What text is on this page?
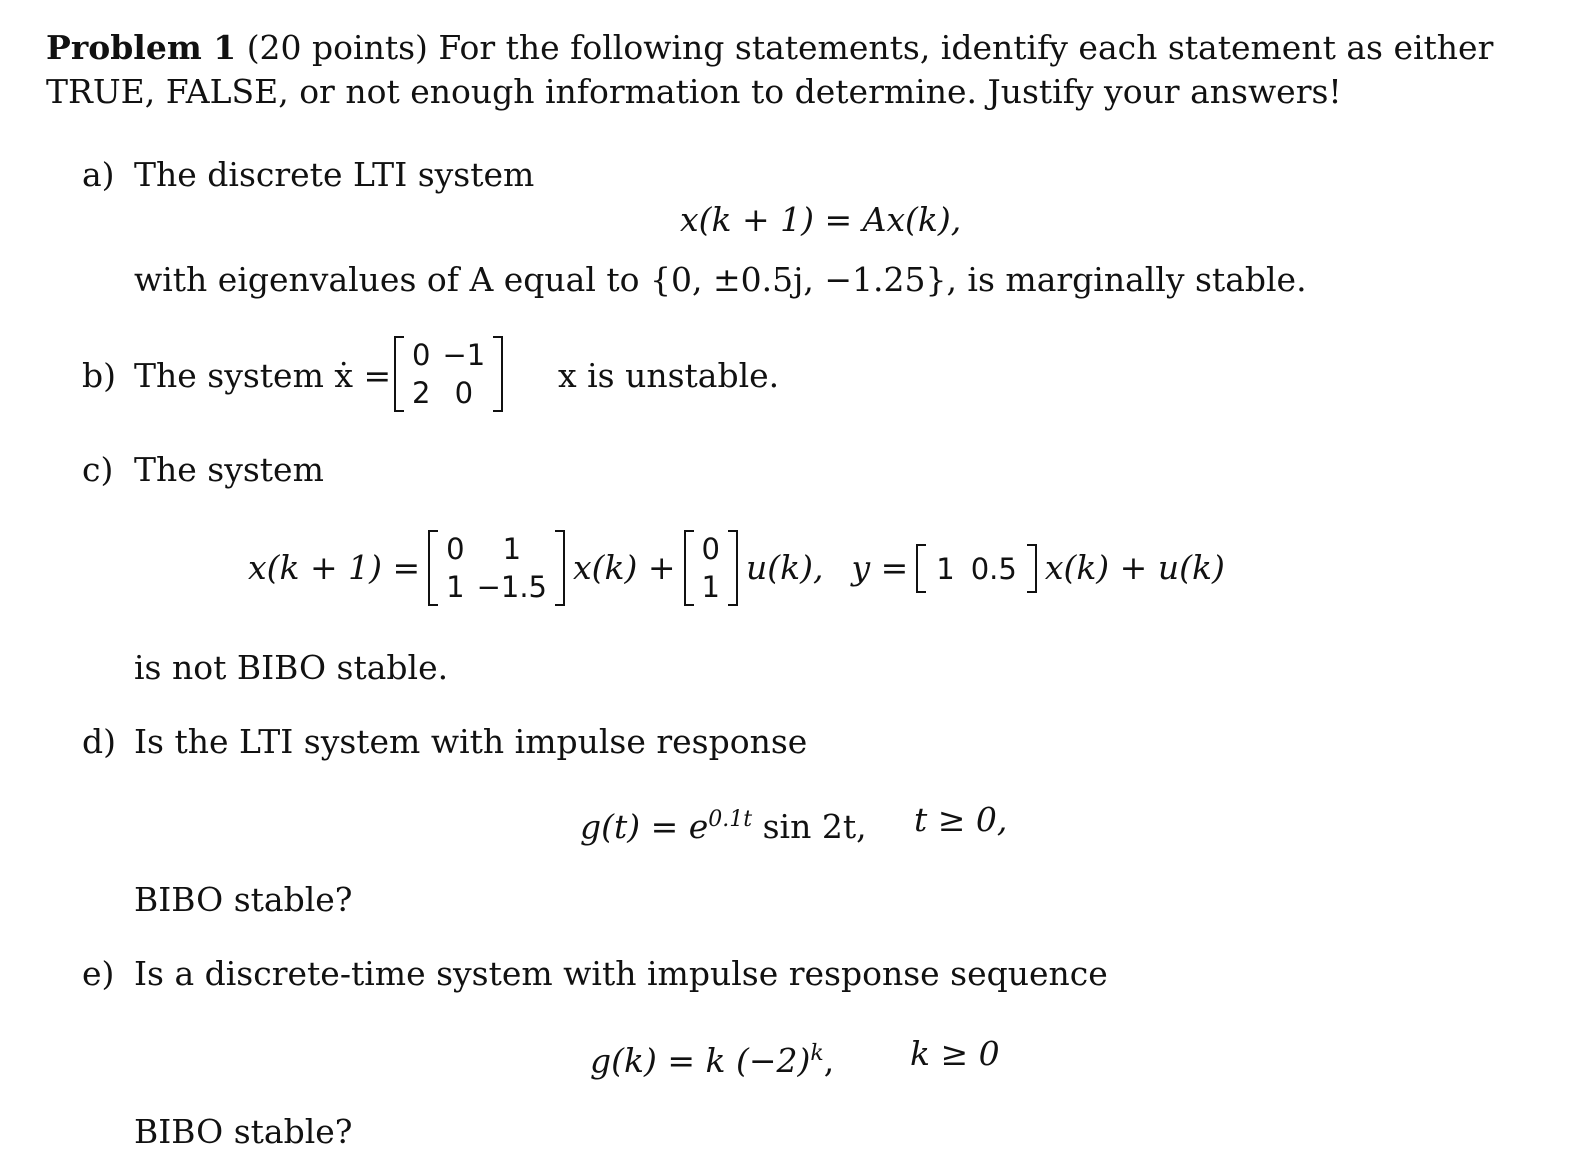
Problem 1 (20 points) For the following statements, identify each statement as either
TRUE, FALSE, or not enough information to determine. Justify your answers!
a) The discrete LTI system
x(k + 1) = Ax(k),
with eigenvalues of A equal to {0, ±0.5j, −1.25}, is marginally stable.
b) The system ẋ =
0	−1
2	0	x is unstable.
c) The system
x(k + 1) = 0	1
1	−1.5 x(k) + 0
1 u(k), y = 1 0.5 x(k) + u(k)
is not BIBO stable.
d) Is the LTI system with impulse response
$g(t) = e^{0.1t}$ sin 2t, t ≥ 0,
BIBO stable?
e) Is a discrete-time system with impulse response sequence
g(k) = k $(-2)^k$, k ≥ 0
BIBO stable?
